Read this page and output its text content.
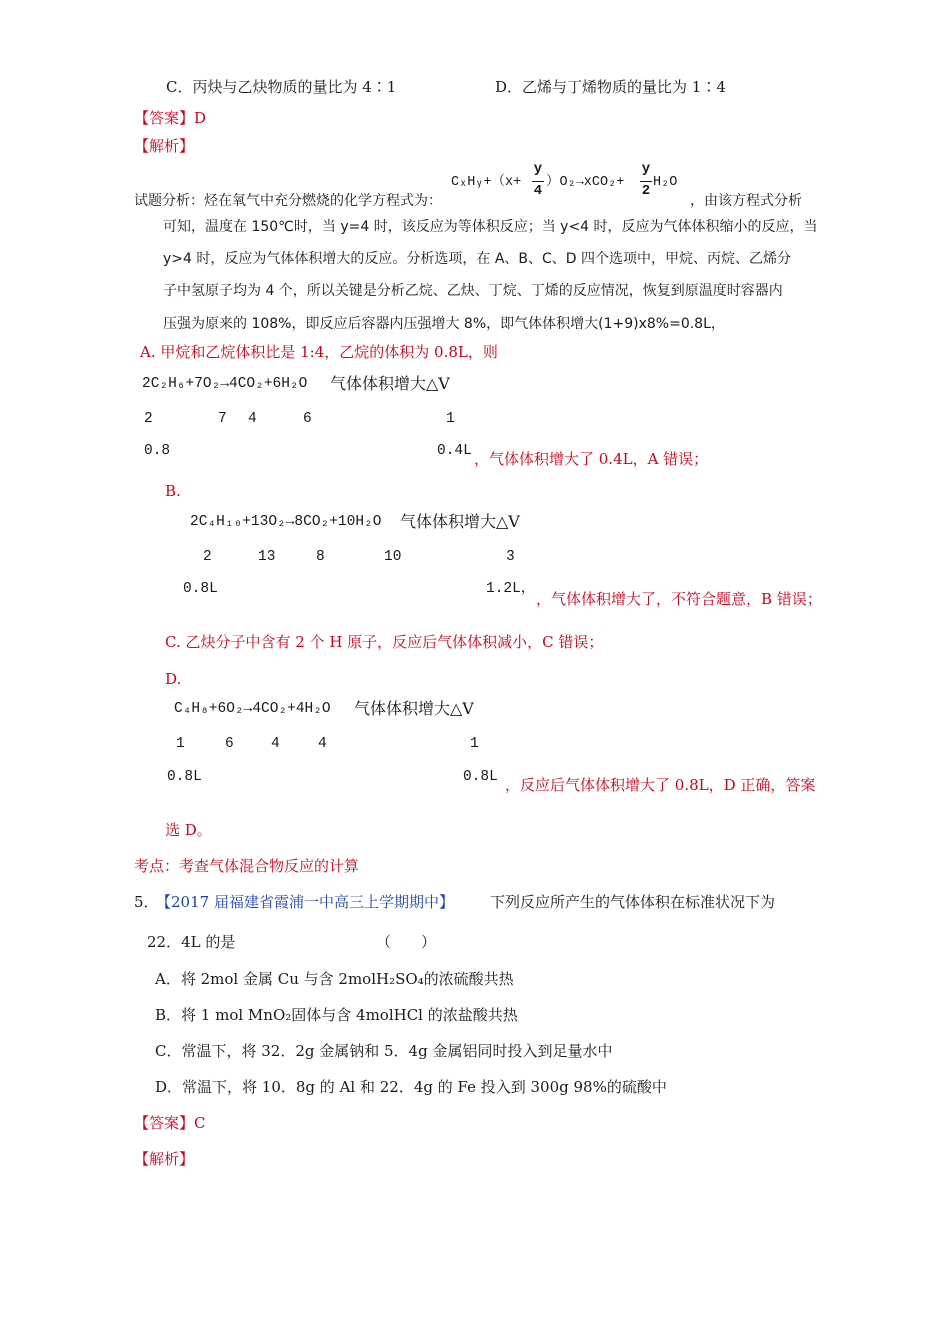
C．丙炔与乙炔物质的量比为 4∶1	D．乙烯与丁烯物质的量比为 1∶4
【答案】D
【解析】
CₓHᵧ+（x+
y
4
）O₂→xCO₂+
y
2
H₂O
试题分析：烃在氧气中充分燃烧的化学方程式为：	，由该方程式分析
可知，温度在 150℃时，当 y=4 时，该反应为等体积反应；当 y<4 时，反应为气体体积缩小的反应，当
y>4 时，反应为气体体积增大的反应。分析选项，在 A、B、C、D 四个选项中，甲烷、丙烷、乙烯分
子中氢原子均为 4 个，所以关键是分析乙烷、乙炔、丁烷、丁烯的反应情况，恢复到原温度时容器内
压强为原来的 108%，即反应后容器内压强增大 8%，即气体体积增大(1+9)x8%=0.8L，
A. 甲烷和乙烷体积比是 1:4，乙烷的体积为 0.8L，则
2C₂H₆+7O₂→4CO₂+6H₂O 气体体积增大△V
2	7 4	6	1
0.8	0.4L ，气体体积增大了 0.4L，A 错误；
B.
2C₄H₁₀+13O₂→8CO₂+10H₂O 气体体积增大△V
2	13	8	10	3
0.8L	1.2L，
，气体体积增大了，不符合题意，B 错误；
C. 乙炔分子中含有 2 个 H 原子，反应后气体体积减小，C 错误；
D.
C₄H₈+6O₂→4CO₂+4H₂O 气体体积增大△V
1	6	4	4	1
0.8L	0.8L ，反应后气体体积增大了 0.8L，D 正确，答案
选 D。
考点：考查气体混合物反应的计算
5．
【2017 届福建省霞浦一中高三上学期期中】 下列反应所产生的气体体积在标准状况下为
22．4L 的是	（　　）
A．将 2mol 金属 Cu 与含 2molH₂SO₄的浓硫酸共热
B．将 1 mol MnO₂固体与含 4molHCl 的浓盐酸共热
C．常温下，将 32．2g 金属钠和 5．4g 金属铝同时投入到足量水中
D．常温下，将 10．8g 的 Al 和 22．4g 的 Fe 投入到 300g 98%的硫酸中
【答案】C
【解析】
